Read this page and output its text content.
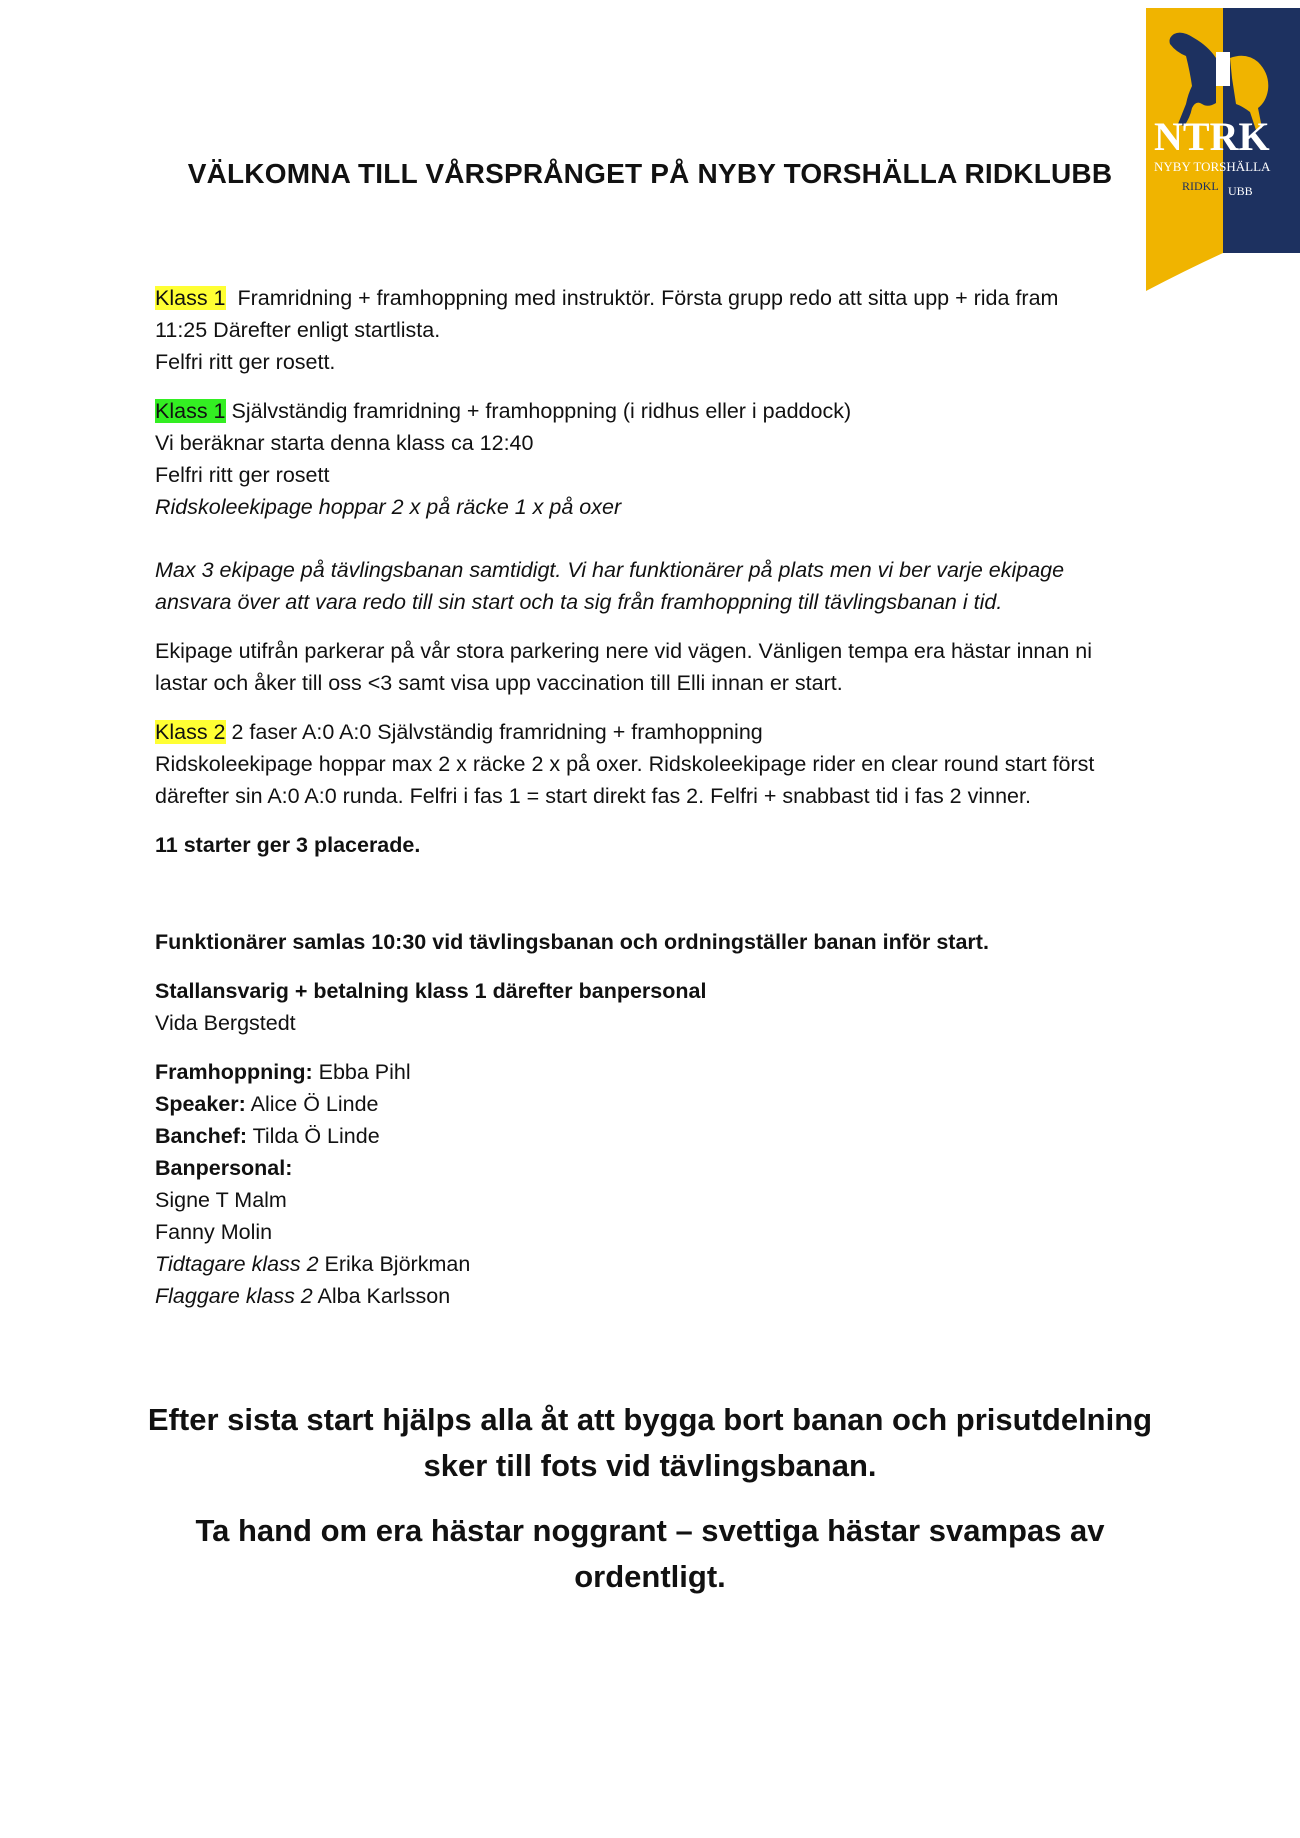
NTRK
NYBY TORSHÄLLA
RIDKL UBB
VÄLKOMNA TILL VÅRSPRÅNGET PÅ NYBY TORSHÄLLA RIDKLUBB

Klass 1  Framridning + framhoppning med instruktör. Första grupp redo att sitta upp + rida fram
11:25 Därefter enligt startlista.
Felfri ritt ger rosett.

Klass 1 Självständig framridning + framhoppning (i ridhus eller i paddock)
Vi beräknar starta denna klass ca 12:40
Felfri ritt ger rosett
Ridskoleekipage hoppar 2 x på räcke 1 x på oxer

Max 3 ekipage på tävlingsbanan samtidigt. Vi har funktionärer på plats men vi ber varje ekipage
ansvara över att vara redo till sin start och ta sig från framhoppning till tävlingsbanan i tid.

Ekipage utifrån parkerar på vår stora parkering nere vid vägen. Vänligen tempa era hästar innan ni
lastar och åker till oss <3 samt visa upp vaccination till Elli innan er start.

Klass 2 2 faser A:0 A:0 Självständig framridning + framhoppning
Ridskoleekipage hoppar max 2 x räcke 2 x på oxer. Ridskoleekipage rider en clear round start först
därefter sin A:0 A:0 runda. Felfri i fas 1 = start direkt fas 2. Felfri + snabbast tid i fas 2 vinner.

11 starter ger 3 placerade.

Funktionärer samlas 10:30 vid tävlingsbanan och ordningställer banan inför start.

Stallansvarig + betalning klass 1 därefter banpersonal
Vida Bergstedt

Framhoppning: Ebba Pihl
Speaker: Alice Ö Linde
Banchef: Tilda Ö Linde
Banpersonal:
Signe T Malm
Fanny Molin
Tidtagare klass 2 Erika Björkman
Flaggare klass 2 Alba Karlsson

Efter sista start hjälps alla åt att bygga bort banan och prisutdelning sker till fots vid tävlingsbanan.
Ta hand om era hästar noggrant – svettiga hästar svampas av ordentligt.
